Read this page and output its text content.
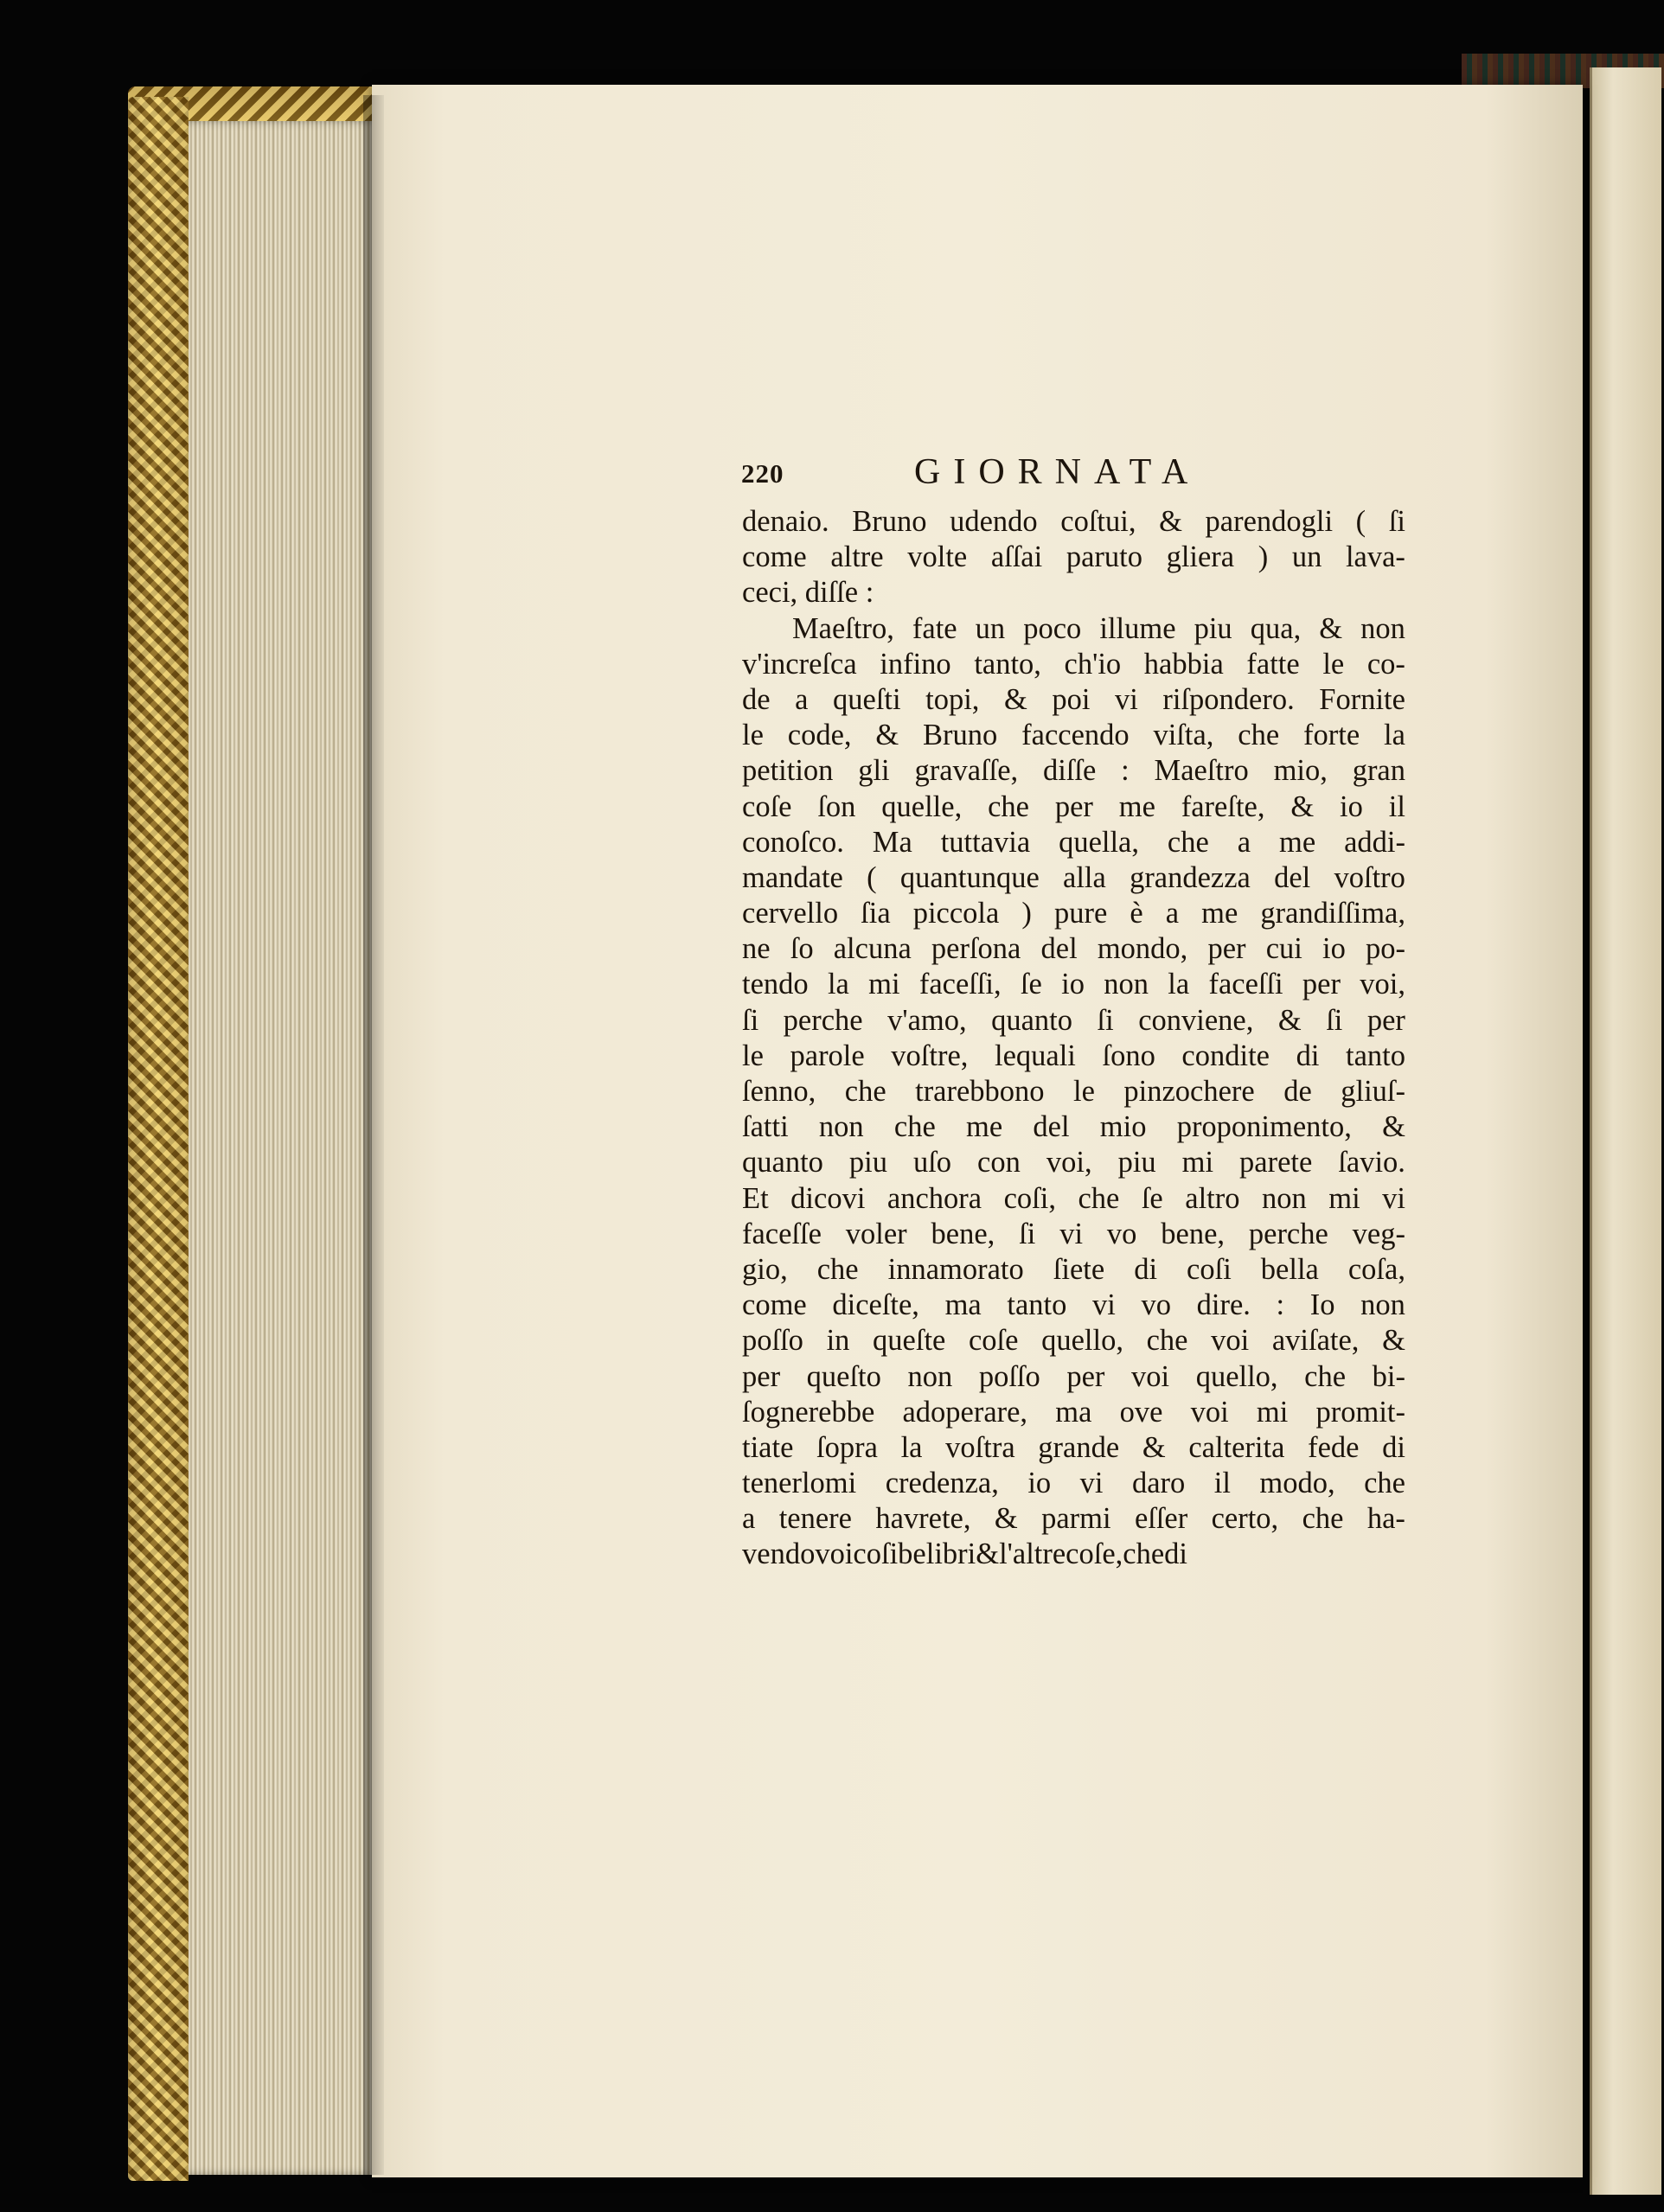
220	GIORNATA
denaio. Bruno udendo coſtui, & parendogli ( ſi
come altre volte aſſai paruto gliera ) un lava-
ceci, diſſe :
Maeſtro, fate un poco illume piu qua, & non
v'increſca infino tanto, ch'io habbia fatte le co-
de a queſti topi, & poi vi riſpondero. Fornite
le code, & Bruno faccendo viſta, che forte la
petition gli gravaſſe, diſſe : Maeſtro mio, gran
coſe ſon quelle, che per me fareſte, & io il
conoſco. Ma tuttavia quella, che a me addi-
mandate ( quantunque alla grandezza del voſtro
cervello ſia piccola ) pure è a me grandiſſima,
ne ſo alcuna perſona del mondo, per cui io po-
tendo la mi faceſſi, ſe io non la faceſſi per voi,
ſi perche v'amo, quanto ſi conviene, & ſi per
le parole voſtre, lequali ſono condite di tanto
ſenno, che trarebbono le pinzochere de gliuſ-
ſatti non che me del mio proponimento, &
quanto piu uſo con voi, piu mi parete ſavio.
Et dicovi anchora coſi, che ſe altro non mi vi
faceſſe voler bene, ſi vi vo bene, perche veg-
gio, che innamorato ſiete di coſi bella coſa,
come diceſte, ma tanto vi vo dire. : Io non
poſſo in queſte coſe quello, che voi aviſate, &
per queſto non poſſo per voi quello, che bi-
ſognerebbe adoperare, ma ove voi mi promit-
tiate ſopra la voſtra grande & calterita fede di
tenerlomi credenza, io vi daro il modo, che
a tenere havrete, & parmi eſſer certo, che ha-
vendo voi coſi be libri & l'altre coſe, che di
